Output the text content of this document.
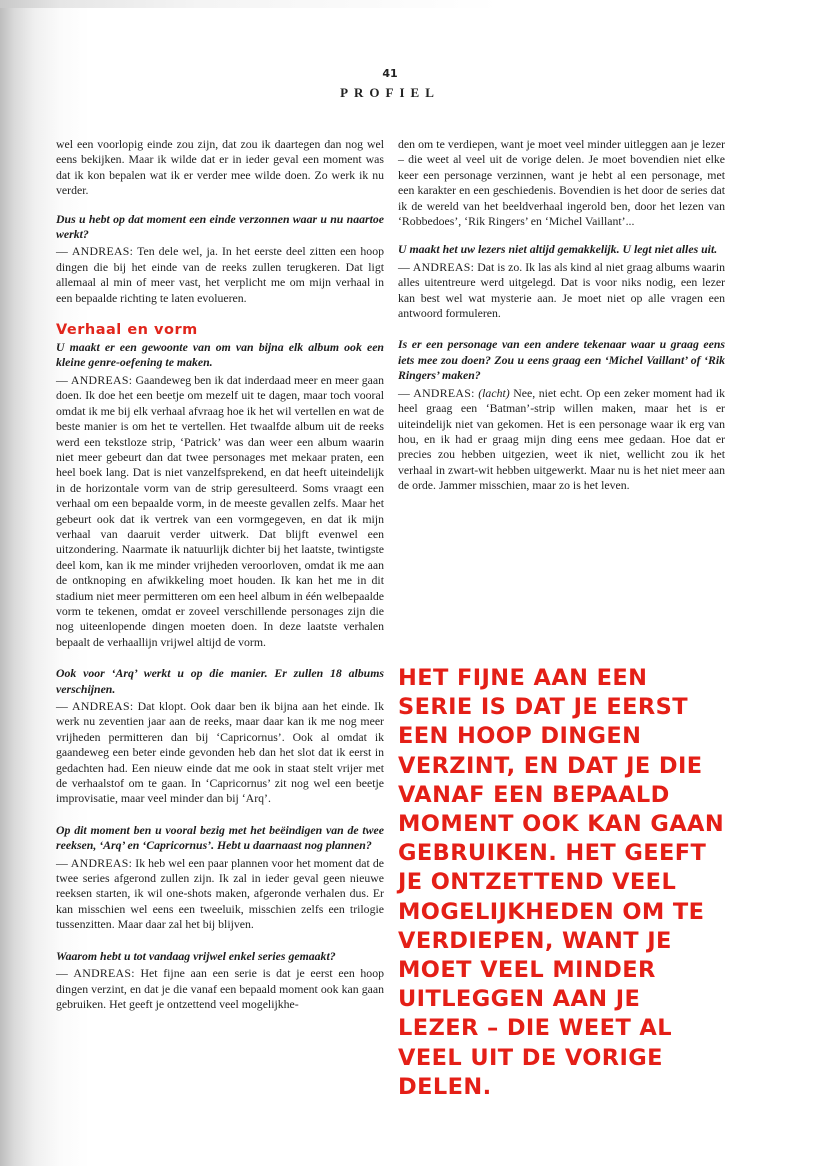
41
PROFIEL

wel een voorlopig einde zou zijn, dat zou ik daartegen dan nog wel eens bekijken. Maar ik wilde dat er in ieder geval een moment was dat ik kon bepalen wat ik er verder mee wilde doen. Zo werk ik nu verder.

Dus u hebt op dat moment een einde verzonnen waar u nu naartoe werkt?

— ANDREAS: Ten dele wel, ja. In het eerste deel zitten een hoop dingen die bij het einde van de reeks zullen terugkeren. Dat ligt allemaal al min of meer vast, het verplicht me om mijn verhaal in een bepaalde richting te laten evolueren.

Verhaal en vorm

U maakt er een gewoonte van om van bijna elk album ook een kleine genre-oefening te maken.

— ANDREAS: Gaandeweg ben ik dat inderdaad meer en meer gaan doen. Ik doe het een beetje om mezelf uit te dagen, maar toch vooral omdat ik me bij elk verhaal afvraag hoe ik het wil vertellen en wat de beste manier is om het te vertellen. Het twaalfde album uit de reeks werd een tekstloze strip, ‘Patrick’ was dan weer een album waarin niet meer gebeurt dan dat twee personages met mekaar praten, een heel boek lang. Dat is niet vanzelfsprekend, en dat heeft uiteindelijk in de horizontale vorm van de strip geresulteerd. Soms vraagt een verhaal om een bepaalde vorm, in de meeste gevallen zelfs. Maar het gebeurt ook dat ik vertrek van een vormgegeven, en dat ik mijn verhaal van daaruit verder uitwerk. Dat blijft evenwel een uitzondering. Naarmate ik natuurlijk dichter bij het laatste, twintigste deel kom, kan ik me minder vrijheden veroorloven, omdat ik me aan de ontknoping en afwikkeling moet houden. Ik kan het me in dit stadium niet meer permitteren om een heel album in één welbepaalde vorm te tekenen, omdat er zoveel verschillende personages zijn die nog uiteenlopende dingen moeten doen. In deze laatste verhalen bepaalt de verhaallijn vrijwel altijd de vorm.

Ook voor ‘Arq’ werkt u op die manier. Er zullen 18 albums verschijnen.

— ANDREAS: Dat klopt. Ook daar ben ik bijna aan het einde. Ik werk nu zeventien jaar aan de reeks, maar daar kan ik me nog meer vrijheden permitteren dan bij ‘Capricornus’. Ook al omdat ik gaandeweg een beter einde gevonden heb dan het slot dat ik eerst in gedachten had. Een nieuw einde dat me ook in staat stelt vrijer met de verhaalstof om te gaan. In ‘Capricornus’ zit nog wel een beetje improvisatie, maar veel minder dan bij ‘Arq’.

Op dit moment ben u vooral bezig met het beëindigen van de twee reeksen, ‘Arq’ en ‘Capricornus’. Hebt u daarnaast nog plannen?

— ANDREAS: Ik heb wel een paar plannen voor het moment dat de twee series afgerond zullen zijn. Ik zal in ieder geval geen nieuwe reeksen starten, ik wil one-shots maken, afgeronde verhalen dus. Er kan misschien wel eens een tweeluik, misschien zelfs een trilogie tussenzitten. Maar daar zal het bij blijven.

Waarom hebt u tot vandaag vrijwel enkel series gemaakt?

— ANDREAS: Het fijne aan een serie is dat je eerst een hoop dingen verzint, en dat je die vanaf een bepaald moment ook kan gaan gebruiken. Het geeft je ontzettend veel mogelijkhe-

den om te verdiepen, want je moet veel minder uitleggen aan je lezer – die weet al veel uit de vorige delen. Je moet bovendien niet elke keer een personage verzinnen, want je hebt al een personage, met een karakter en een geschiedenis. Bovendien is het door de series dat ik de wereld van het beeldverhaal ingerold ben, door het lezen van ‘Robbedoes’, ‘Rik Ringers’ en ‘Michel Vaillant’...

U maakt het uw lezers niet altijd gemakkelijk. U legt niet alles uit.

— ANDREAS: Dat is zo. Ik las als kind al niet graag albums waarin alles uitentreure werd uitgelegd. Dat is voor niks nodig, een lezer kan best wel wat mysterie aan. Je moet niet op alle vragen een antwoord formuleren.

Is er een personage van een andere tekenaar waar u graag eens iets mee zou doen? Zou u eens graag een ‘Michel Vaillant’ of ‘Rik Ringers’ maken?

— ANDREAS: (lacht) Nee, niet echt. Op een zeker moment had ik heel graag een ‘Batman’-strip willen maken, maar het is er uiteindelijk niet van gekomen. Het is een personage waar ik erg van hou, en ik had er graag mijn ding eens mee gedaan. Hoe dat er precies zou hebben uitgezien, weet ik niet, wellicht zou ik het verhaal in zwart-wit hebben uitgewerkt. Maar nu is het niet meer aan de orde. Jammer misschien, maar zo is het leven.

HET FIJNE AAN EEN SERIE IS DAT JE EERST EEN HOOP DINGEN VERZINT, EN DAT JE DIE VANAF EEN BEPAALD MOMENT OOK KAN GAAN GEBRUIKEN. HET GEEFT JE ONTZETTEND VEEL MOGELIJKHEDEN OM TE VERDIEPEN, WANT JE MOET VEEL MINDER UITLEGGEN AAN JE LEZER – DIE WEET AL VEEL UIT DE VORIGE DELEN.
